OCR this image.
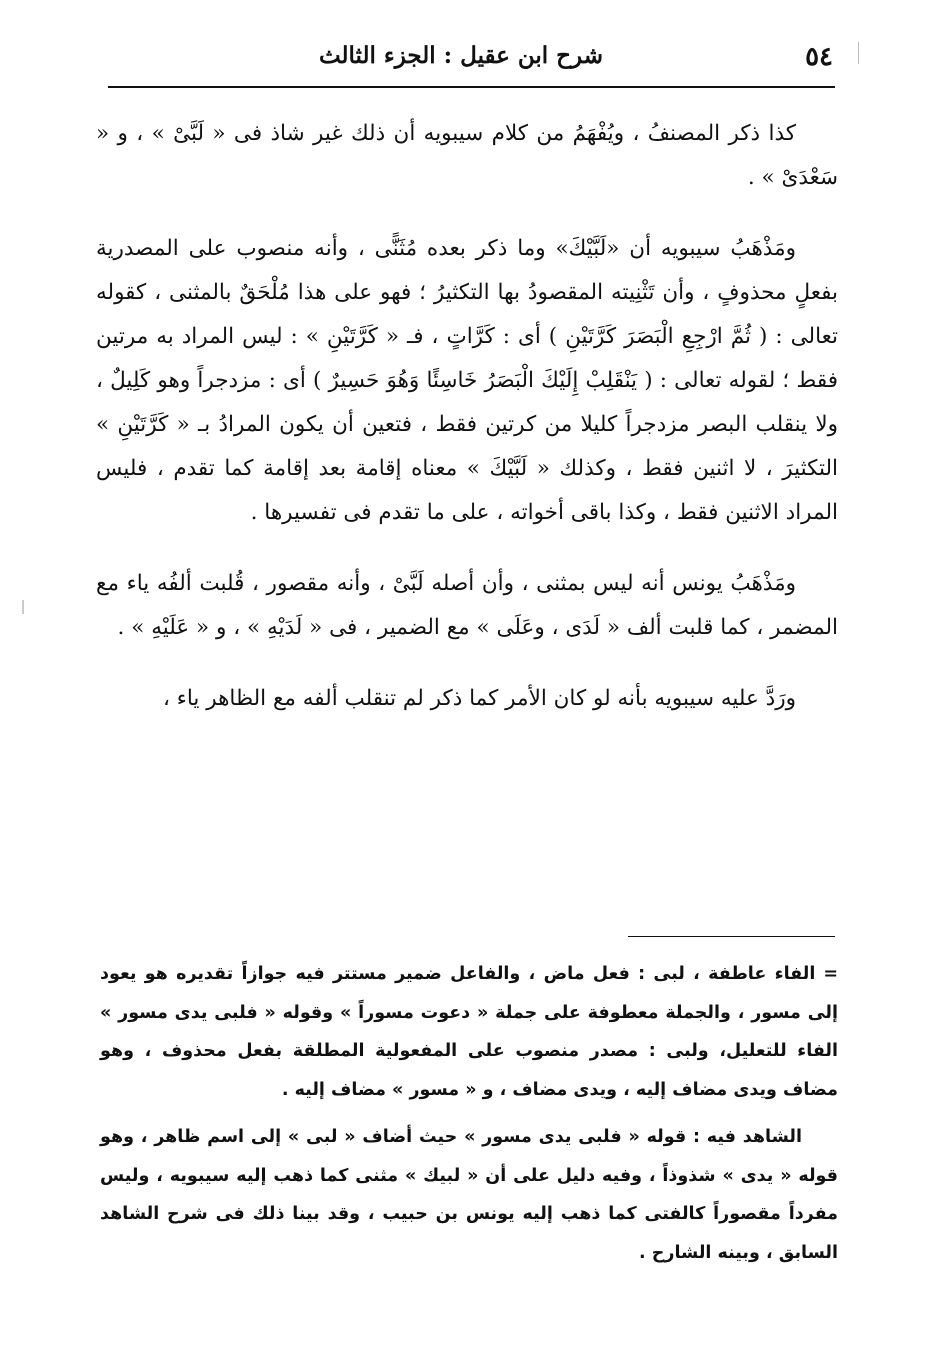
٥٤
شرح ابن عقيل : الجزء الثالث

كذا ذكر المصنفُ ، ويُفْهَمُ من كلام سيبويه أن ذلك غير شاذ فى « لَبَّىْ » ، و « سَعْدَىْ » .

ومَذْهَبُ سيبويه أن «لَبَّيْكَ» وما ذكر بعده مُثَنًّى ، وأنه منصوب على المصدرية بفعلٍ محذوفٍ ، وأن تَثْنِيته المقصودُ بها التكثيرُ ؛ فهو على هذا مُلْحَقٌ بالمثنى ، كقوله تعالى : ( ثُمَّ ارْجِعِ الْبَصَرَ كَرَّتَيْنِ ) أى : كَرَّاتٍ ، فـ « كَرَّتَيْنِ » : ليس المراد به مرتين فقط ؛ لقوله تعالى : ( يَنْقَلِبْ إِلَيْكَ الْبَصَرُ خَاسِئًا وَهُوَ حَسِيرٌ ) أى : مزدجراً وهو كَلِيلٌ ، ولا ينقلب البصر مزدجراً كليلا من كرتين فقط ، فتعين أن يكون المرادُ بـ « كَرَّتَيْنِ » التكثيرَ ، لا اثنين فقط ، وكذلك « لَبَّيْكَ » معناه إقامة بعد إقامة كما تقدم ، فليس المراد الاثنين فقط ، وكذا باقى أخواته ، على ما تقدم فى تفسيرها .

ومَذْهَبُ يونس أنه ليس بمثنى ، وأن أصله لَبَّىْ ، وأنه مقصور ، قُلبت ألفُه ياء مع المضمر ، كما قلبت ألف « لَدَى ، وعَلَى » مع الضمير ، فى « لَدَيْهِ » ، و « عَلَيْهِ » .

ورَدَّ عليه سيبويه بأنه لو كان الأمر كما ذكر لم تنقلب ألفه مع الظاهر ياء ،

=الفاء عاطفة ، لبى : فعل ماض ، والفاعل ضمير مستتر فيه جوازاً تقديره هو يعود إلى مسور ، والجملة معطوفة على جملة « دعوت مسوراً » وقوله « فلبى يدى مسور » الفاء للتعليل، ولبى : مصدر منصوب على المفعولية المطلقة بفعل محذوف ، وهو مضاف ويدى مضاف إليه ، ويدى مضاف ، و « مسور » مضاف إليه .

الشاهد فيه : قوله « فلبى يدى مسور » حيث أضاف « لبى » إلى اسم ظاهر ، وهو قوله « يدى » شذوذاً ، وفيه دليل على أن « لبيك » مثنى كما ذهب إليه سيبويه ، وليس مفرداً مقصوراً كالفتى كما ذهب إليه يونس بن حبيب ، وقد بينا ذلك فى شرح الشاهد السابق ، وبينه الشارح .
